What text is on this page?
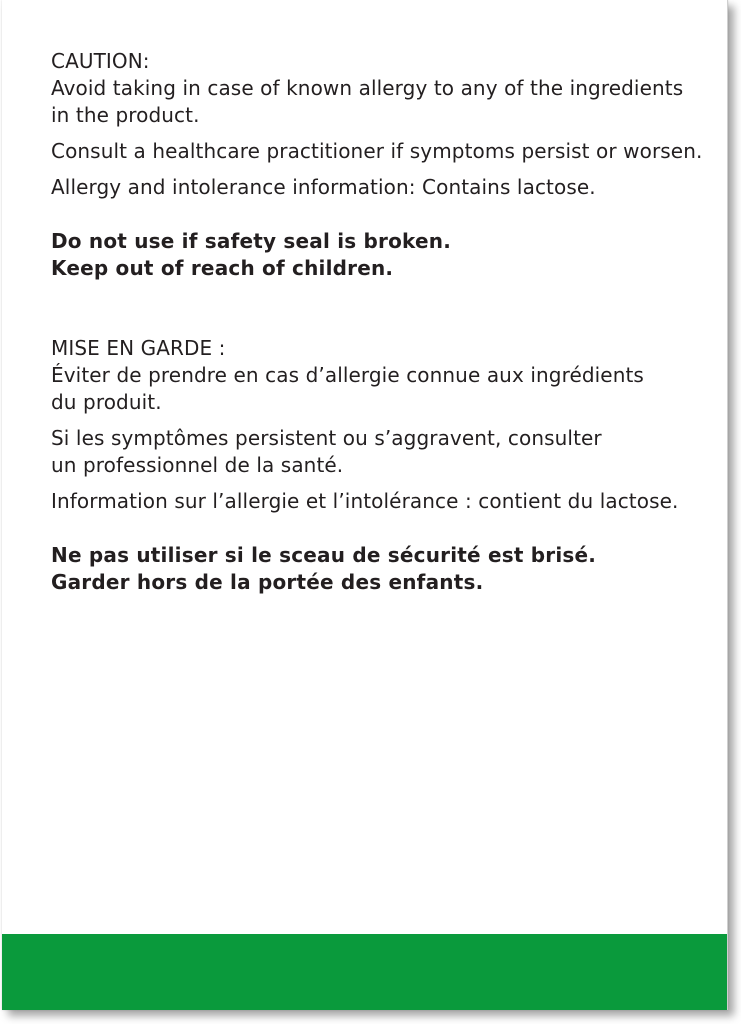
CAUTION:

Avoid taking in case of known allergy to any of the ingredients
in the product.

Consult a healthcare practitioner if symptoms persist or worsen.

Allergy and intolerance information: Contains lactose.

Do not use if safety seal is broken.

Keep out of reach of children.

MISE EN GARDE :

Éviter de prendre en cas d’allergie connue aux ingrédients
du produit.

Si les symptômes persistent ou s’aggravent, consulter
un professionnel de la santé.

Information sur l’allergie et l’intolérance : contient du lactose.

Ne pas utiliser si le sceau de sécurité est brisé.

Garder hors de la portée des enfants.
